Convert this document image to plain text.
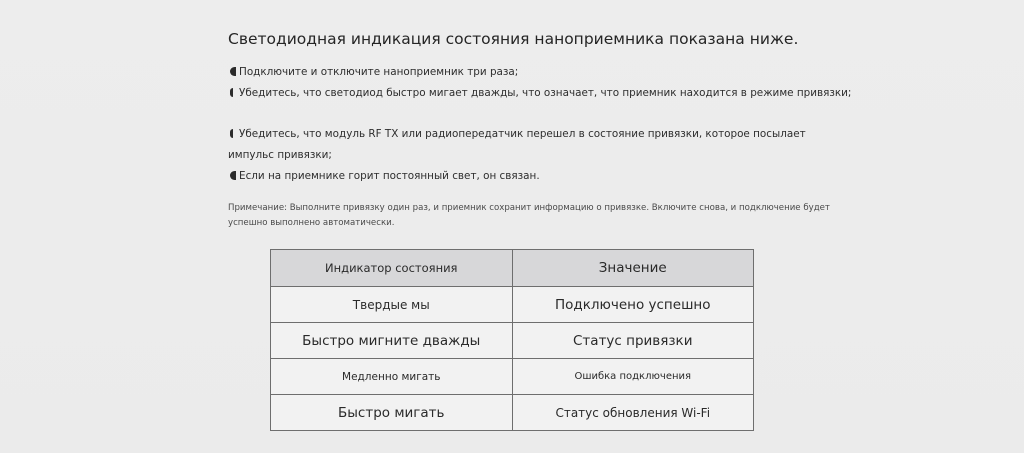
Светодиодная индикация состояния наноприемника показана ниже.
Подключите и отключите наноприемник три раза;
Убедитесь, что светодиод быстро мигает дважды, что означает, что приемник находится в режиме привязки;
Убедитесь, что модуль RF TX или радиопередатчик перешел в состояние привязки, которое посылает
импульс привязки;
Если на приемнике горит постоянный свет, он связан.
Примечание: Выполните привязку один раз, и приемник сохранит информацию о привязке. Включите снова, и подключение будет
успешно выполнено автоматически.
Индикатор состояния	Значение
Твердые мы	Подключено успешно
Быстро мигните дважды	Статус привязки
Медленно мигать	Ошибка подключения
Быстро мигать	Статус обновления Wi-Fi
